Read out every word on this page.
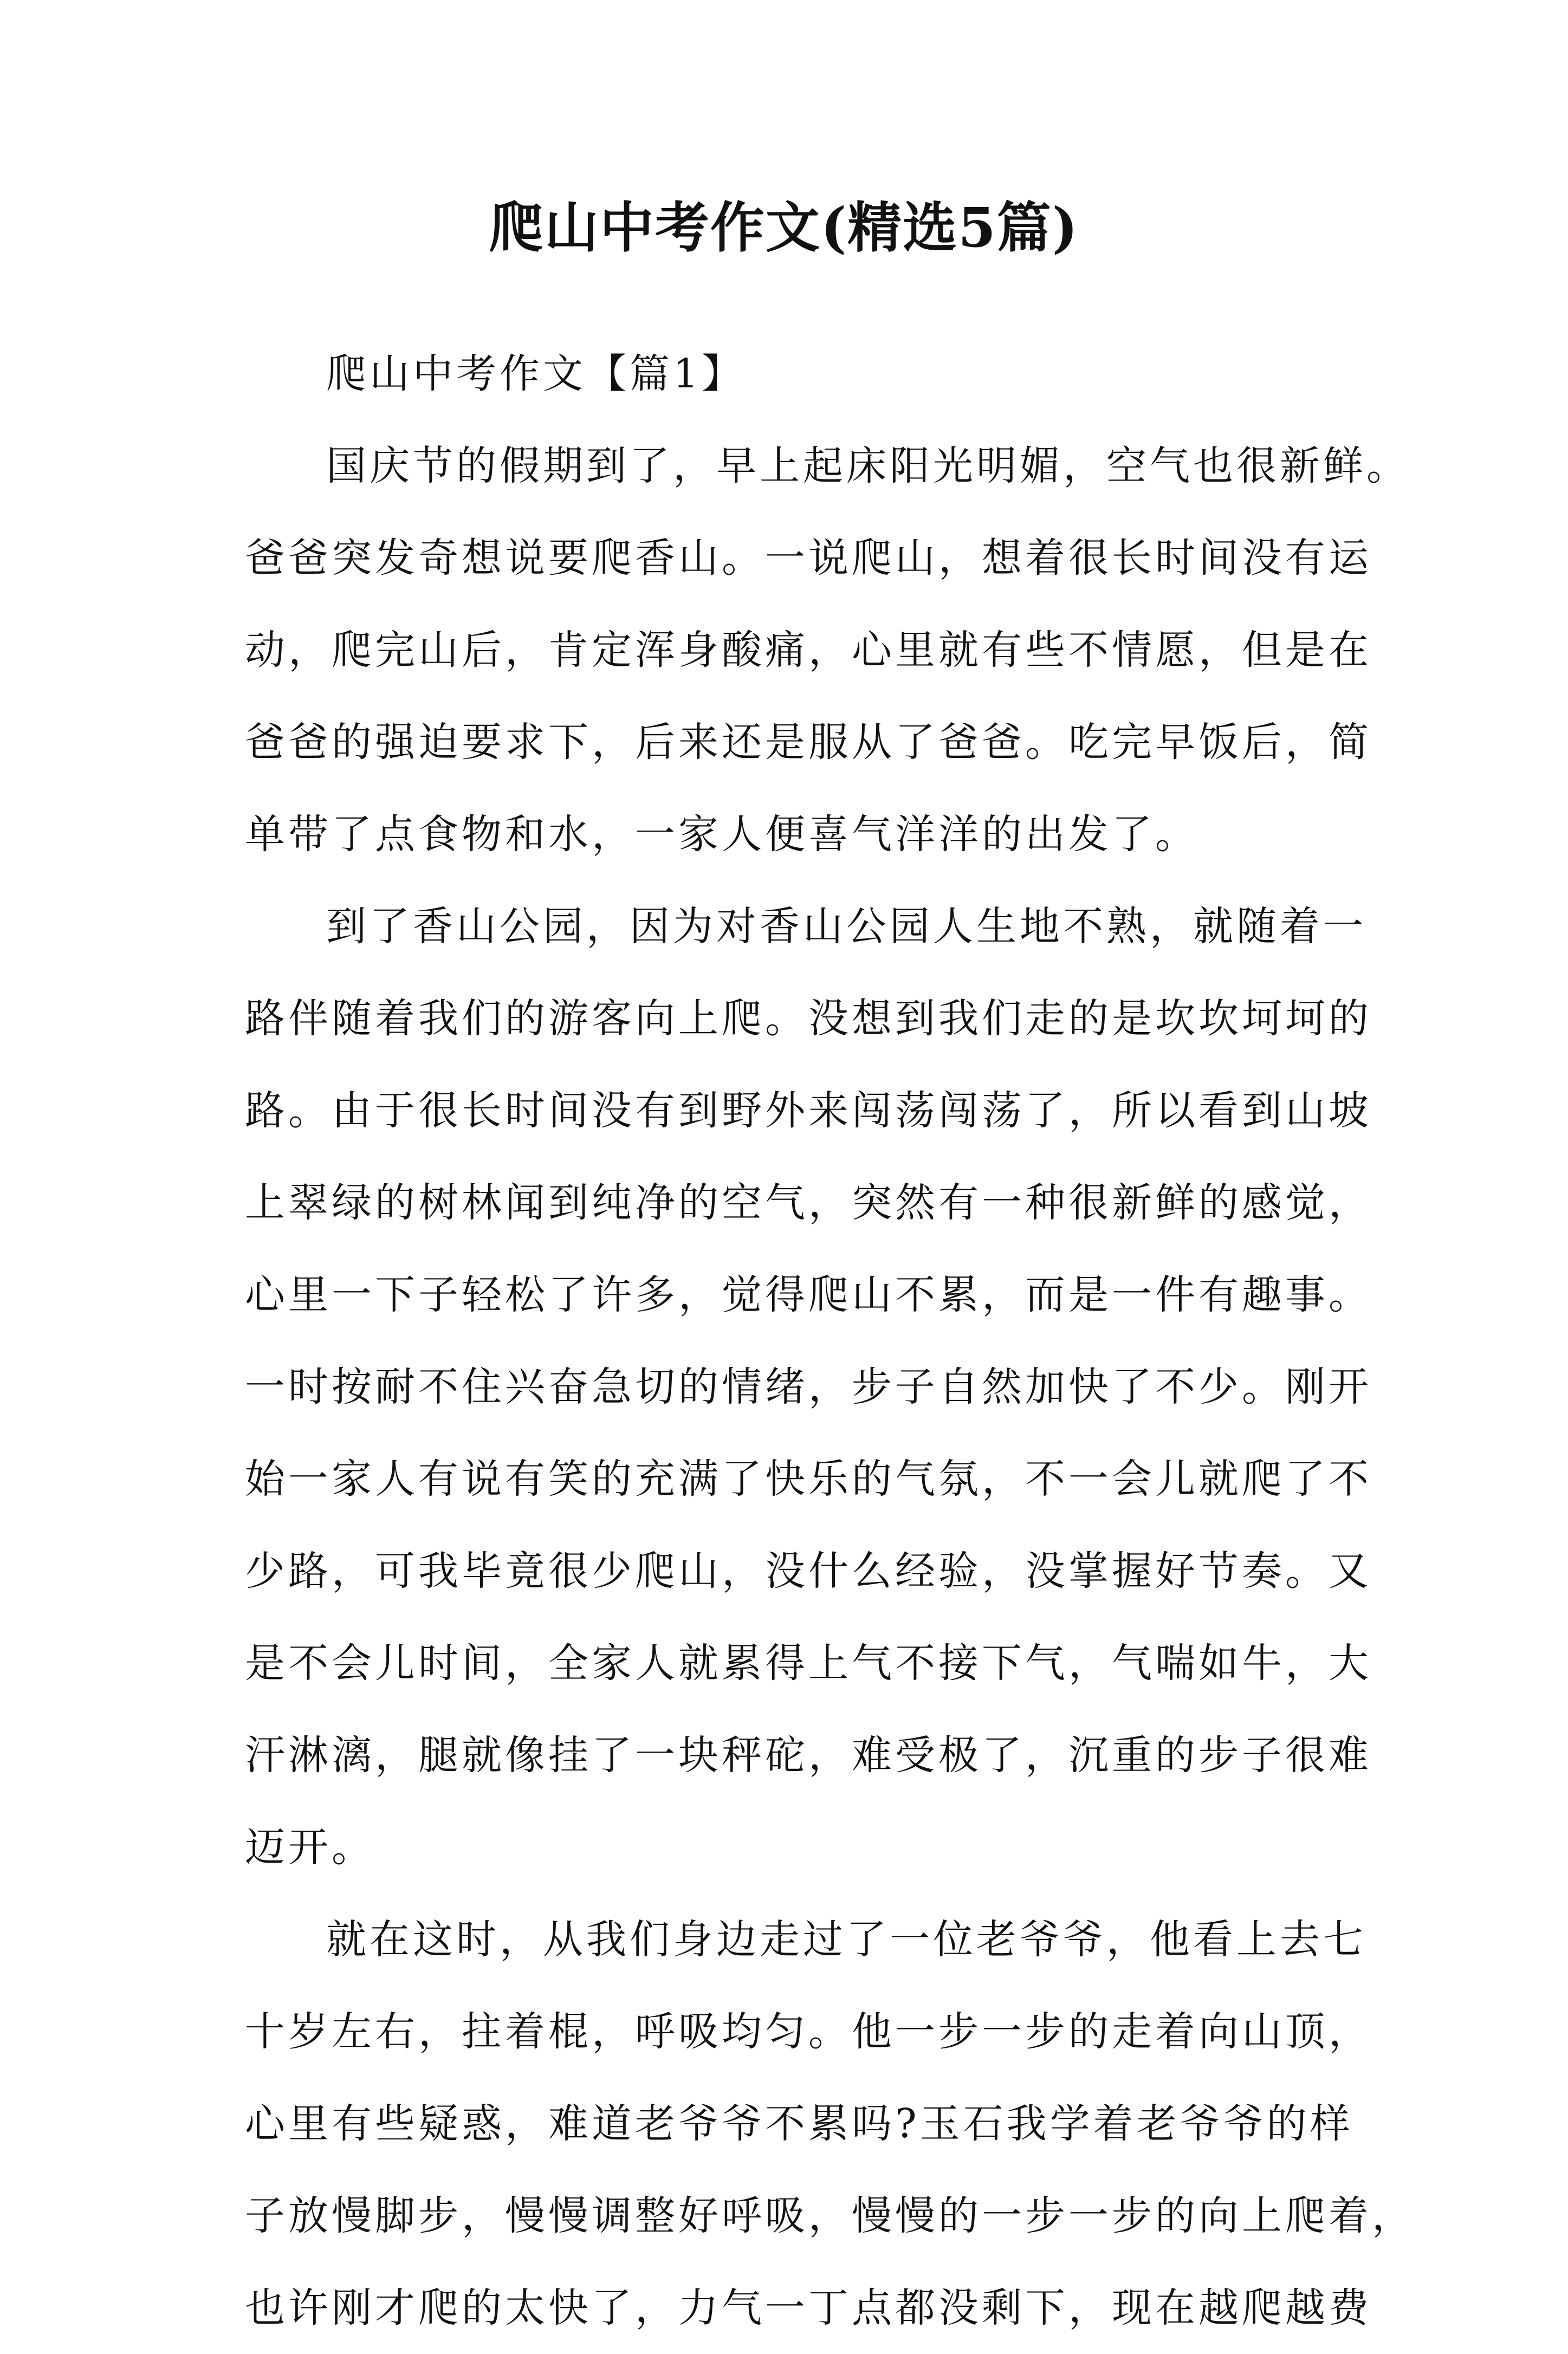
爬山中考作文(精选5篇)
爬山中考作文【篇1】
国庆节的假期到了，早上起床阳光明媚，空气也很新鲜。
爸爸突发奇想说要爬香山。一说爬山，想着很长时间没有运
动，爬完山后，肯定浑身酸痛，心里就有些不情愿，但是在
爸爸的强迫要求下，后来还是服从了爸爸。吃完早饭后，简
单带了点食物和水，一家人便喜气洋洋的出发了。
到了香山公园，因为对香山公园人生地不熟，就随着一
路伴随着我们的游客向上爬。没想到我们走的是坎坎坷坷的
路。由于很长时间没有到野外来闯荡闯荡了，所以看到山坡
上翠绿的树林闻到纯净的空气，突然有一种很新鲜的感觉，
心里一下子轻松了许多，觉得爬山不累，而是一件有趣事。
一时按耐不住兴奋急切的情绪，步子自然加快了不少。刚开
始一家人有说有笑的充满了快乐的气氛，不一会儿就爬了不
少路，可我毕竟很少爬山，没什么经验，没掌握好节奏。又
是不会儿时间，全家人就累得上气不接下气，气喘如牛，大
汗淋漓，腿就像挂了一块秤砣，难受极了，沉重的步子很难
迈开。
就在这时，从我们身边走过了一位老爷爷，他看上去七
十岁左右，拄着棍，呼吸均匀。他一步一步的走着向山顶，
心里有些疑惑，难道老爷爷不累吗?玉石我学着老爷爷的样
子放慢脚步，慢慢调整好呼吸，慢慢的一步一步的向上爬着，
也许刚才爬的太快了，力气一丁点都没剩下，现在越爬越费
